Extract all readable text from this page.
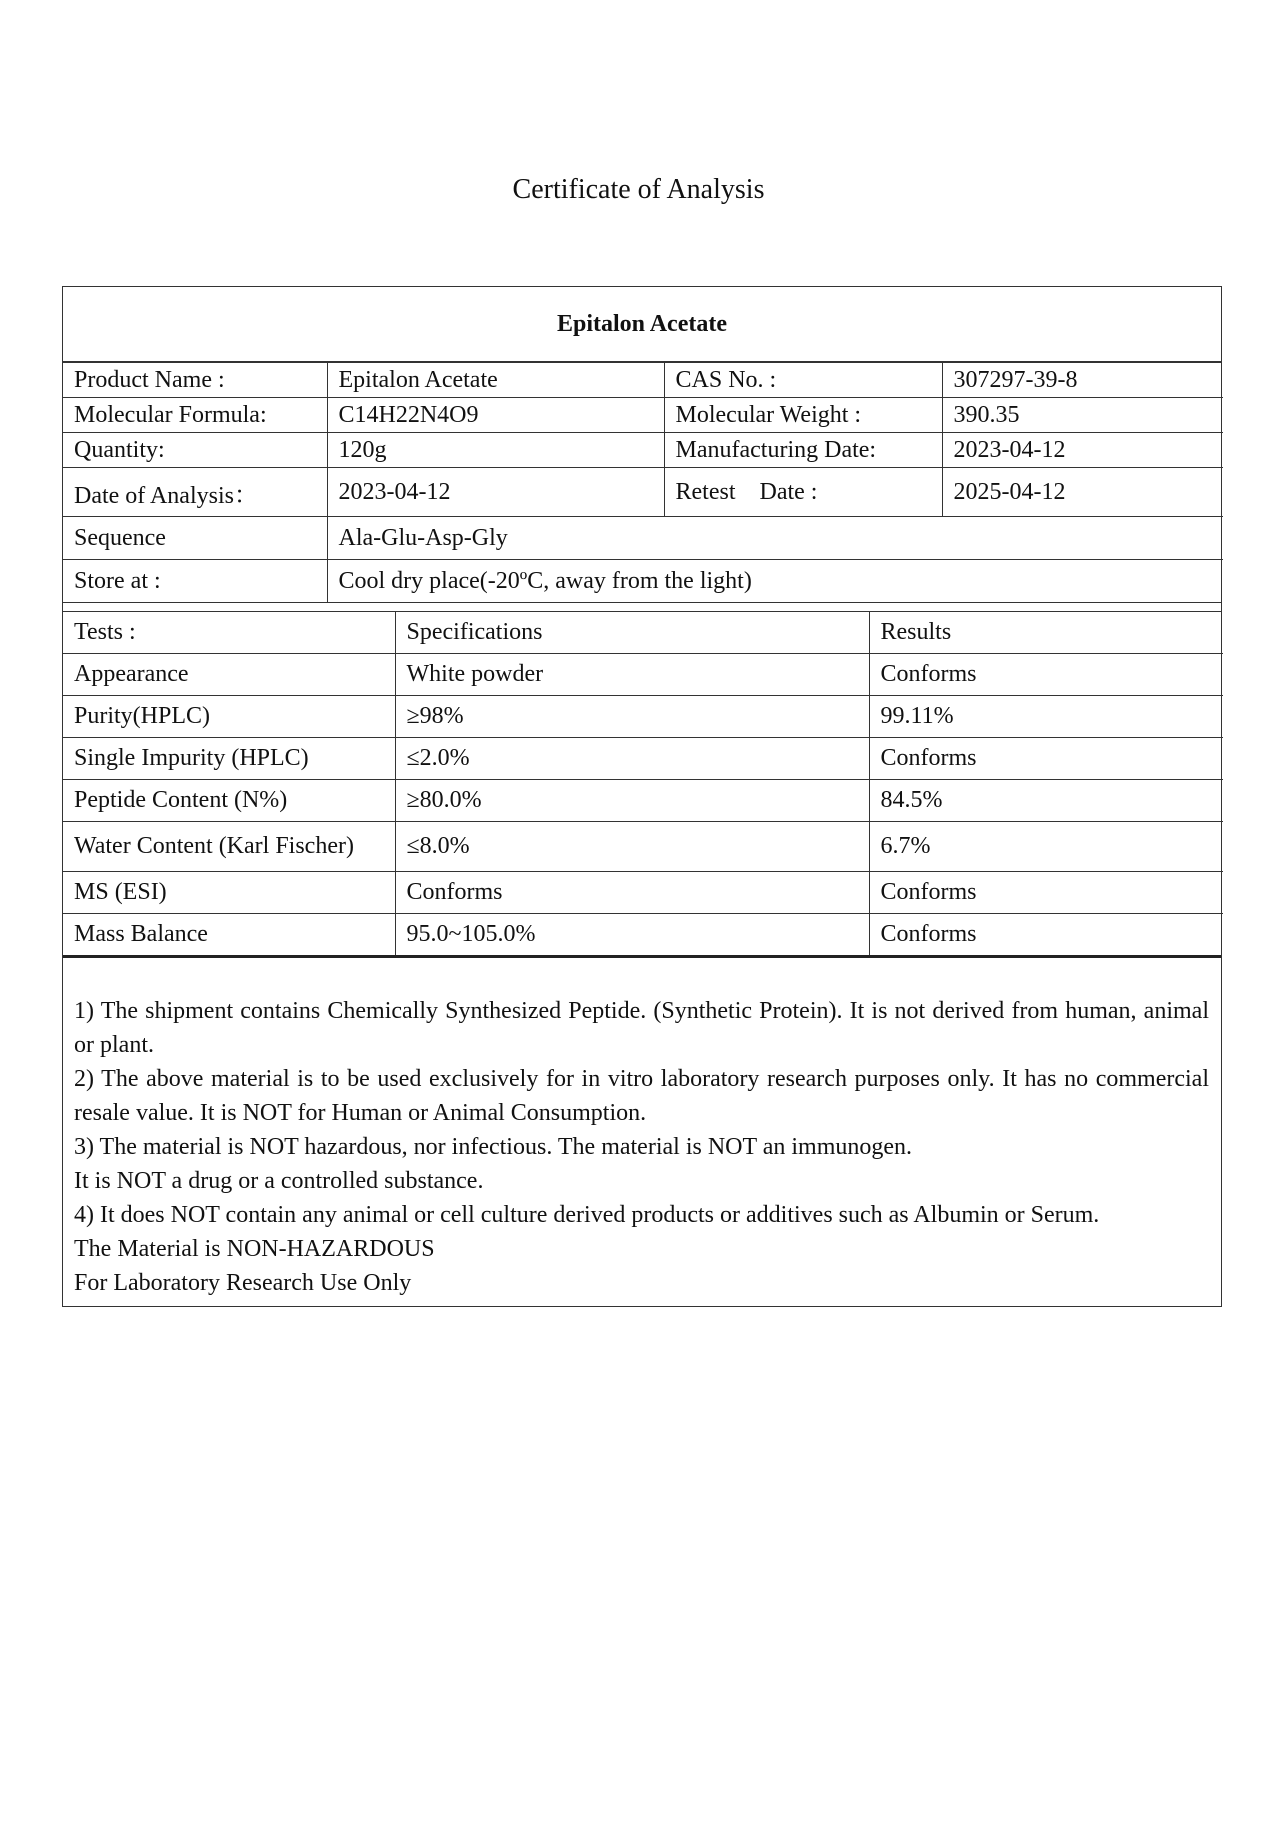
Certificate of Analysis
Epitalon Acetate
Product Name :	Epitalon Acetate	CAS No. :	307297-39-8
Molecular Formula:	C14H22N4O9	Molecular Weight :	390.35
Quantity:	120g	Manufacturing Date:	2023-04-12
Date of Analysis：	2023-04-12	Retest    Date :	2025-04-12
Sequence	Ala-Glu-Asp-Gly		
Store at :	Cool dry place(-20ºC, away from the light)		
Tests :	Specifications	Results
Appearance	White powder	Conforms
Purity(HPLC)	≥98%	99.11%
Single Impurity (HPLC)	≤2.0%	Conforms
Peptide Content (N%)	≥80.0%	84.5%
Water Content (Karl Fischer)	≤8.0%	6.7%
MS (ESI)	Conforms	Conforms
Mass Balance	95.0~105.0%	Conforms

1) The shipment contains Chemically Synthesized Peptide. (Synthetic Protein). It is not derived from human, animal or plant.

2) The above material is to be used exclusively for in vitro laboratory research purposes only. It has no commercial resale value. It is NOT for Human or Animal Consumption.

3) The material is NOT hazardous, nor infectious. The material is NOT an immunogen.

It is NOT a drug or a controlled substance.

4) It does NOT contain any animal or cell culture derived products or additives such as Albumin or Serum.

The Material is NON-HAZARDOUS

For Laboratory Research Use Only
